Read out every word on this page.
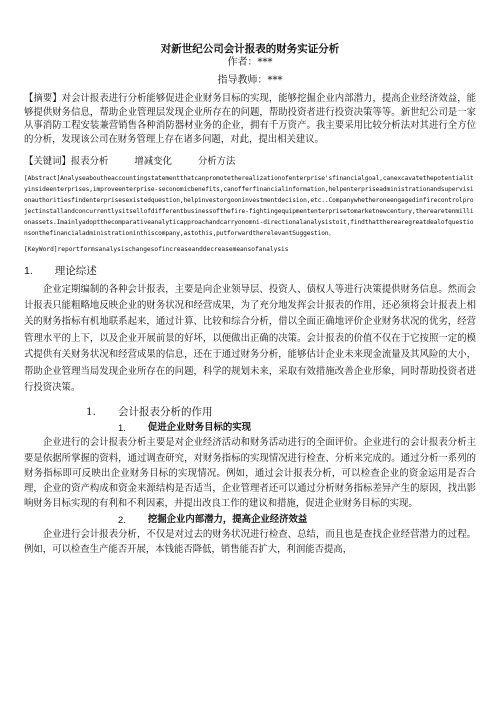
对新世纪公司会计报表的财务实证分析
作者：***
指导教师：***
【摘要】对会计报表进行分析能够促进企业财务目标的实现，能够挖掘企业内部潜力，提高企业经济效益，能够提供财务信息，帮助企业管理层发现企业所存在的问题，帮助投资者进行投资决策等等。新世纪公司是一家从事消防工程安装兼营销售各种消防器材业务的企业，拥有千万资产。我主要采用比较分析法对其进行全方位的分析，发现该公司在财务管理上存在诸多问题，对此，提出相关建议。
【关键词】报表分析	增减变化	分析方法
[Abstract]Analyseaboutheaccountingstatementthatcanpromotetherealizationofenterprise'sfinancialgoal,canexcavatethepotentialityinsideenterprises,improveenterprise-seconomicbenefits,canofferfinancialinformation,helpenterpriseadministrationandsupervisionauthoritiesfindenterprisesexistedquestion,helpinvestorgooninvestmentdecision,etc..Companywhetheroneengagedinfirecontrolprojectinstallandconcurrentlysitsellofdifferentbusinessofthefire-fightingequipmententerprisetomarketnewcentury,therearetenmillionassets.Imainlyadoptthecomparativeanalyticapproachandcarryonomni-directionalanalysistoit,findthattherearegreatdealofquestionsonthefinancialadministrationinthiscompany,astothis,putforwardtherelevantSuggestion。
[KeyWord]reportformsanalysischangesofincreaseanddecreasemeansofanalysis
1. 理论综述
企业定期编制的各种会计报表，主要是向企业领导层、投资人、债权人等进行决策提供财务信息。然而会计报表只能粗略地反映企业的财务状况和经营成果，为了充分地发挥会计报表的作用，还必须将会计报表上相关的财务指标有机地联系起来，通过计算、比较和综合分析，借以全面正确地评价企业财务状况的优劣，经营管理水平的上下，以及企业开展前景的好坏，以便做出正确的决策。会计报表的价值不仅在于它按照一定的模式提供有关财务状况和经营成果的信息，还在于通过财务分析，能够估计企业未来现金流量及其风险的大小，帮助企业管理当局发现企业所存在的问题，科学的规划未来，采取有效措施改善企业形象，同时帮助投资者进行投资决策。
1. 会计报表分析的作用
1. 促进企业财务目标的实现
企业进行的会计报表分析主要是对企业经济活动和财务活动进行的全面评价。企业进行的会计报表分析主要是依据所掌握的资料，通过调查研究，对财务指标的实现情况进行检查、分析来完成的。通过分析一系列的财务指标即可反映出企业财务目标的实现情况。例如，通过会计报表分析，可以检查企业的资金运用是否合理，企业的资产构成和资金来源结构是否适当，企业管理者还可以通过分析财务指标差异产生的原因，找出影响财务目标实现的有利和不利因素，并提出改良工作的建议和措施，促进企业财务目标的实现。
2. 挖掘企业内部潜力，提高企业经济效益
企业进行会计报表分析，不仅是对过去的财务状况进行检查、总结，而且也是查找企业经营潜力的过程。例如，可以检查生产能否开展，本钱能否降低，销售能否扩大，利润能否提高，
